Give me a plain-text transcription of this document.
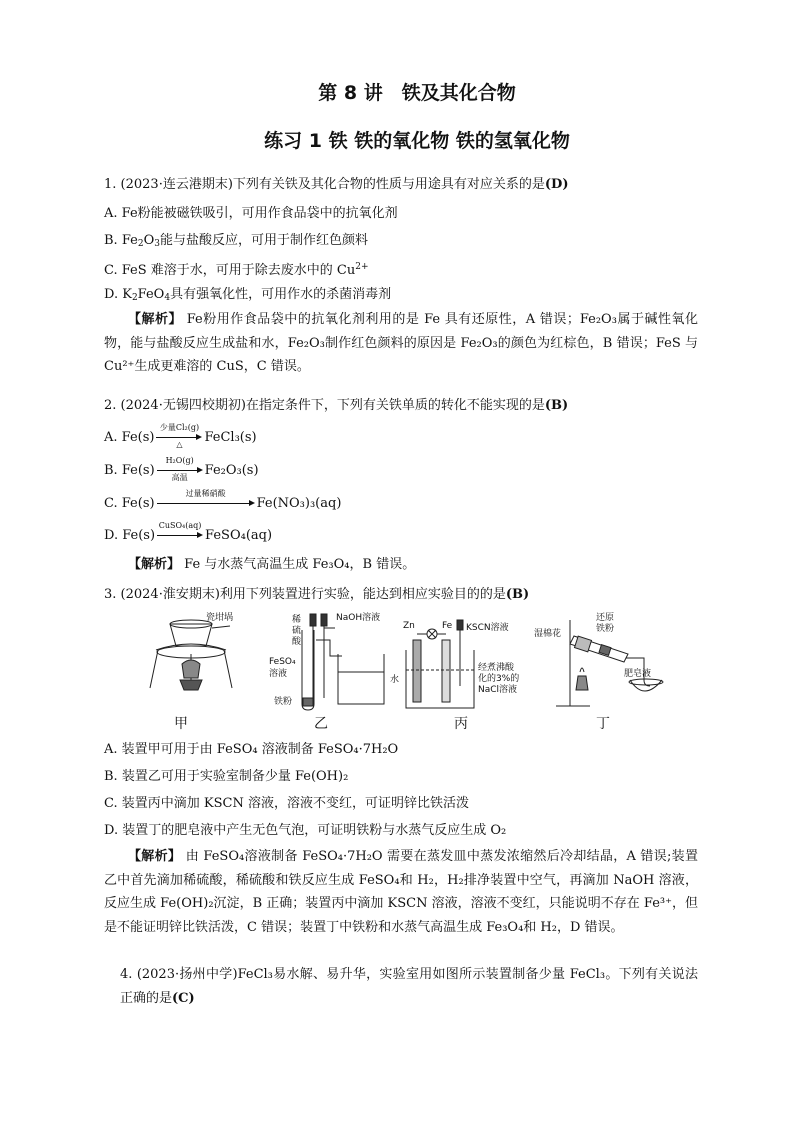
第 8 讲　铁及其化合物
练习 1 铁 铁的氧化物 铁的氢氧化物
1. (2023·连云港期末)下列有关铁及其化合物的性质与用途具有对应关系的是(D)
A. Fe粉能被磁铁吸引，可用作食品袋中的抗氧化剂
B. $Fe_2O_3$能与盐酸反应，可用于制作红色颜料
C. FeS 难溶于水，可用于除去废水中的 $Cu^{2+}$
D. $K_2FeO_4$具有强氧化性，可用作水的杀菌消毒剂
【解析】 Fe粉用作食品袋中的抗氧化剂利用的是 Fe 具有还原性，A 错误；Fe₂O₃属于碱性氧化物，能与盐酸反应生成盐和水，Fe₂O₃制作红色颜料的原因是 Fe₂O₃的颜色为红棕色，B 错误；FeS 与 Cu²⁺生成更难溶的 CuS，C 错误。
2. (2024·无锡四校期初)在指定条件下，下列有关铁单质的转化不能实现的是(B)
A. Fe(s)
少量Cl₂(g)
△	FeCl₃(s)
B. Fe(s)
H₂O(g)
高温	Fe₂O₃(s)
C. Fe(s)
过量稀硝酸
Fe(NO₃)₃(aq)
D. Fe(s)
CuSO₄(aq)
FeSO₄(aq)
【解析】 Fe 与水蒸气高温生成 Fe₃O₄，B 错误。
3. (2024·淮安期末)利用下列装置进行实验，能达到相应实验目的的是(B)
瓷坩埚	稀
硫
酸
NaOH溶液
FeSO₄
溶液
水
铁粉
Zn	Fe KSCN溶液
经煮沸酸
化的3%的
NaCl溶液
湿棉花
还原
铁粉
肥皂液
甲	乙	丙	丁
A. 装置甲可用于由 FeSO₄ 溶液制备 FeSO₄·7H₂O
B. 装置乙可用于实验室制备少量 Fe(OH)₂
C. 装置丙中滴加 KSCN 溶液，溶液不变红，可证明锌比铁活泼
D. 装置丁的肥皂液中产生无色气泡，可证明铁粉与水蒸气反应生成 O₂
【解析】 由 FeSO₄溶液制备 FeSO₄·7H₂O 需要在蒸发皿中蒸发浓缩然后冷却结晶，A 错误;装置乙中首先滴加稀硫酸，稀硫酸和铁反应生成 FeSO₄和 H₂，H₂排净装置中空气，再滴加 NaOH 溶液，反应生成 Fe(OH)₂沉淀，B 正确；装置丙中滴加 KSCN 溶液，溶液不变红，只能说明不存在 Fe³⁺，但是不能证明锌比铁活泼，C 错误；装置丁中铁粉和水蒸气高温生成 Fe₃O₄和 H₂，D 错误。
4. (2023·扬州中学)FeCl₃易水解、易升华，实验室用如图所示装置制备少量 FeCl₃。下列有关说法正确的是(C)
